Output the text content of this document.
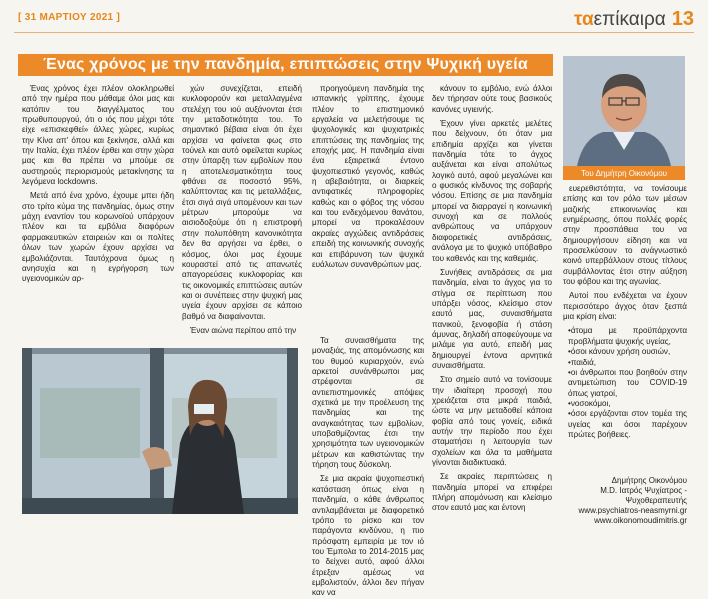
[ 31 ΜΑΡΤΙΟΥ 2021 ]	ταεπίκαιρα 13
Ένας χρόνος με την πανδημία, επιπτώσεις στην Ψυχική υγεία

Ένας χρόνος έχει πλέον ολοκληρωθεί από την ημέρα που μάθαμε όλοι μας και κατόπιν του διαγγέλματος του πρωθυπουργού, ότι ο ιός που μέχρι τότε είχε «επισκεφθεί» άλλες χώρες, κυρίως την Κίνα απ' όπου και ξεκίνησε, αλλά και την Ιταλία, έχει πλέον έρθει και στην χώρα μας και θα πρέπει να μπούμε σε αυστηρούς περιορισμούς μετακίνησης τα λεγόμενα lockdowns.

Μετά από ένα χρόνο, έχουμε μπει ήδη στο τρίτο κύμα της πανδημίας, όμως στην μάχη εναντίον του κορωνοϊού υπάρχουν πλέον και τα εμβόλια διαφόρων φαρμακευτικών εταιρειών και οι πολίτες όλων των χωρών έχουν αρχίσει να εμβολιάζονται. Ταυτόχρονα όμως η ανησυχία και η εγρήγορση των υγειονομικών αρ-

χών συνεχίζεται, επειδή κυκλοφορούν και μεταλλαγμένα στελέχη του ιού αυξάνονται έτσι την μεταδοτικότητα του. Το σημαντικό βέβαια είναι ότι έχει αρχίσει να φαίνεται φως στο τούνελ και αυτό οφείλεται κυρίως στην ύπαρξη των εμβολίων που η αποτελεσματικότητα τους φθάνει σε ποσοστό 95%, καλύπτοντας και τις μεταλλάξεις, έτσι σιγά σιγά υπομένουν και των μέτρων μπορούμε να αισιοδοξούμε ότι η επιστροφή στην πολυπόθητη κανονικότητα δεν θα αργήσει να έρθει, ο κόσμος, όλοι μας έχουμε κουραστεί από τις απανωτές απαγορεύσεις κυκλοφορίας και τις οικονομικές επιπτώσεις αυτών και οι συνέπειες στην ψυχική μας υγεία έχουν αρχίσει σε κάποιο βαθμό να διαφαίνονται.

Έναν αιώνα περίπου από την

προηγούμενη πανδημία της ισπανικής γρίππης, έχουμε πλέον το επιστημονικό εργαλεία να μελετήσουμε τις ψυχολογικές και ψυχιατρικές επιπτώσεις της πανδημίας της εποχής μας. Η πανδημία είναι ένα εξαιρετικά έντονο ψυχοπιεστικό γεγονός, καθώς η αβεβαιότητα, οι διαρκείς αντιφατικές πληροφορίες καθώς και ο φόβος της νόσου και του ενδεχόμενου θανάτου, μπορεί να προκαλέσουν ακραίες αγχώδεις αντιδράσεις επειδή της κοινωνικής συνοχής και επιβάρυνση των ψυχικά ευάλωτων συνανθρώπων μας.

Τα συναισθήματα της μοναξιάς, της απομόνωσης και του θυμού κυριαρχούν, ενώ αρκετοί συνάνθρωποι μας στρέφονται σε αντιεπιστημονικές απόψεις σχετικά με την προέλευση της πανδημίας και της αναγκαιότητας των εμβολίων, υποβαθμίζοντας έτσι την χρησιμότητα των υγειονομικών μέτρων και καθιστώντας την τήρηση τους δύσκολη.

Σε μια ακραία ψυχοπιεστική κατάσταση όπως είναι η πανδημία, ο κάθε άνθρωπος αντιλαμβάνεται με διαφορετικό τρόπο το ρίσκο και τον παράγοντα κινδύνου, η πιο πρόσφατη εμπειρία με τον ιό του Έμπολα το 2014-2015 μας το δείχνει αυτό, αφού άλλοι έτρεξαν αμέσως να εμβολιστούν, άλλοι δεν πήγαν καν να

κάνουν το εμβόλιο, ενώ άλλοι δεν τήρησαν ούτε τους βασικούς κανόνες υγιεινής.

Έχουν γίνει αρκετές μελέτες που δείχνουν, ότι όταν μια επιδημία αρχίζει και γίνεται πανδημία τότε το άγχος αυξάνεται και είναι απολύτως λογικό αυτό, αφού μεγαλώνει και ο φυσικός κίνδυνος της σοβαρής νόσου. Επίσης σε μια πανδημία μπορεί να διαρραγεί η κοινωνική συνοχή και σε πολλούς ανθρώπους να υπάρχουν διαφορετικές αντιδράσεις, ανάλογα με το ψυχικό υπόβαθρο του καθενός και της καθεμιάς.

Συνήθεις αντιδράσεις σε μια πανδημία, είναι το άγχος για το στίγμα σε περίπτωση που υπάρξει νόσος, κλείσιμο στον εαυτό μας, συναισθήματα πανικού, ξενοφοβία ή στάση άμυνας, δηλαδή αποφεύγουμε να μιλάμε για αυτό, επειδή μας δημιουργεί έντονα αρνητικά συναισθήματα.

Στο σημείο αυτό να τονίσουμε την ιδιαίτερη προσοχή που χρειάζεται στα μικρά παιδιά, ώστε να μην μεταδοθεί κάποια φοβία από τους γονείς, ειδικά αυτήν την περίοδο που έχει σταματήσει η λειτουργία των σχολείων και όλα τα μαθήματα γίνονται διαδικτυακά.

Σε ακραίες περιπτώσεις η πανδημία μπορεί να επιφέρει πλήρη απομόνωση και κλείσιμο στον εαυτό μας και έντονη

Του Δημήτρη Οικονόμου

ευερεθιστότητα, να τονίσουμε επίσης και τον ρόλο των μέσων μαζικής επικοινωνίας και ενημέρωσης, όπου πολλές φορές στην προσπάθεια του να δημιουργήσουν είδηση και να προσελκύσουν το ανάγνωστικό κοινό υπερβάλλουν στους τίτλους συμβάλλοντας έτσι στην αύξηση του φόβου και της αγωνίας.

Αυτοί που ενδέχεται να έχουν περισσότερο άγχος όταν ξεσπά μια κρίση είναι:

•άτομα με προϋπάρχοντα προβλήματα ψυχικής υγείας,
•όσοι κάνουν χρήση ουσιών,
•παιδιά,
•οι άνθρωποι που βοηθούν στην αντιμετώπιση του COVID-19 όπως γιατροί,
•νοσοκόμοι,
•όσοι εργάζονται στον τομέα της υγείας και όσοι παρέχουν πρώτες βοήθειες.
Δημήτρης Οικονόμου
M.D. Ιατρός Ψυχίατρος - Ψυχοθεραπευτής
www.psychiatros-neasmyrni.gr
www.oikonomoudimitris.gr
